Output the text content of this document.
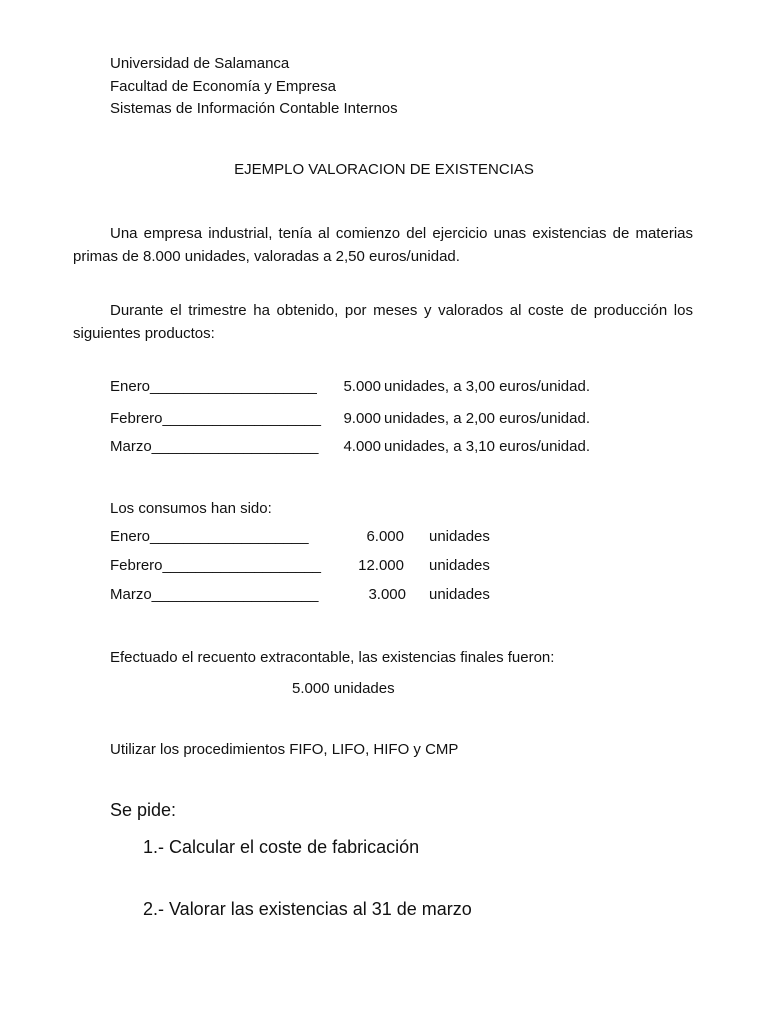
Universidad de Salamanca
Facultad de Economía y Empresa
Sistemas de Información Contable Internos
EJEMPLO VALORACION DE EXISTENCIAS
Una empresa industrial, tenía al comienzo del ejercicio unas existencias de materias primas de 8.000 unidades, valoradas a 2,50 euros/unidad.
Durante el trimestre ha obtenido, por meses y valorados al coste de producción los siguientes productos:
Enero____________________	5.000 unidades, a 3,00 euros/unidad.
Febrero___________________	9.000 unidades, a 2,00 euros/unidad.
Marzo____________________	4.000 unidades, a 3,10 euros/unidad.
Los consumos han sido:
Enero___________________	6.000 unidades
Febrero___________________	12.000 unidades
Marzo____________________	3.000 unidades
Efectuado el recuento extracontable, las existencias finales fueron:
5.000 unidades
Utilizar los procedimientos FIFO, LIFO, HIFO y CMP
Se pide:
1.- Calcular el coste de fabricación
2.- Valorar las existencias al 31 de marzo
